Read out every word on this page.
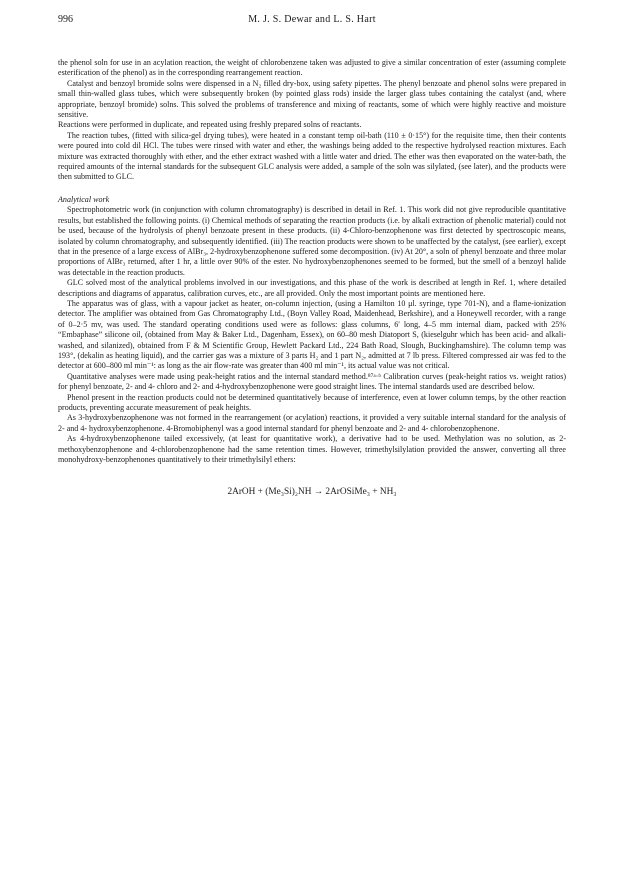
996	M. J. S. Dewar and L. S. Hart

the phenol soln for use in an acylation reaction, the weight of chlorobenzene taken was adjusted to give a similar concentration of ester (assuming complete esterification of the phenol) as in the corresponding rearrangement reaction.

Catalyst and benzoyl bromide solns were dispensed in a N₂ filled dry-box, using safety pipettes. The phenyl benzoate and phenol solns were prepared in small thin-walled glass tubes, which were subsequently broken (by pointed glass rods) inside the larger glass tubes containing the catalyst (and, where appropriate, benzoyl bromide) solns. This solved the problems of transference and mixing of reactants, some of which were highly reactive and moisture sensitive.

Reactions were performed in duplicate, and repeated using freshly prepared solns of reactants.

The reaction tubes, (fitted with silica-gel drying tubes), were heated in a constant temp oil-bath (110 ± 0·15°) for the requisite time, then their contents were poured into cold dil HCl. The tubes were rinsed with water and ether, the washings being added to the respective hydrolysed reaction mixtures. Each mixture was extracted thoroughly with ether, and the ether extract washed with a little water and dried. The ether was then evaporated on the water-bath, the required amounts of the internal standards for the subsequent GLC analysis were added, a sample of the soln was silylated, (see later), and the products were then submitted to GLC.

Analytical work

Spectrophotometric work (in conjunction with column chromatography) is described in detail in Ref. 1. This work did not give reproducible quantitative results, but established the following points. (i) Chemical methods of separating the reaction products (i.e. by alkali extraction of phenolic material) could not be used, because of the hydrolysis of phenyl benzoate present in these products. (ii) 4-Chloro-benzophenone was first detected by spectroscopic means, isolated by column chromatography, and subsequently identified. (iii) The reaction products were shown to be unaffected by the catalyst, (see earlier), except that in the presence of a large excess of AlBr₃, 2-hydroxybenzophenone suffered some decomposition. (iv) At 20°, a soln of phenyl benzoate and three molar proportions of AlBr₃ returned, after 1 hr, a little over 90% of the ester. No hydroxybenzophenones seemed to be formed, but the smell of a benzoyl halide was detectable in the reaction products.

GLC solved most of the analytical problems involved in our investigations, and this phase of the work is described at length in Ref. 1, where detailed descriptions and diagrams of apparatus, calibration curves, etc., are all provided. Only the most important points are mentioned here.

The apparatus was of glass, with a vapour jacket as heater, on-column injection, (using a Hamilton 10 μl. syringe, type 701-N), and a flame-ionization detector. The amplifier was obtained from Gas Chromatography Ltd., (Boyn Valley Road, Maidenhead, Berkshire), and a Honeywell recorder, with a range of 0–2·5 mv, was used. The standard operating conditions used were as follows: glass columns, 6′ long, 4–5 mm internal diam, packed with 25% “Embaphase” silicone oil, (obtained from May & Baker Ltd., Dagenham, Essex), on 60–80 mesh Diatoport S, (kieselguhr which has been acid- and alkali-washed, and silanized), obtained from F & M Scientific Group, Hewlett Packard Ltd., 224 Bath Road, Slough, Buckinghamshire). The column temp was 193°, (dekalin as heating liquid), and the carrier gas was a mixture of 3 parts H₂ and 1 part N₂, admitted at 7 lb press. Filtered compressed air was fed to the detector at 600–800 ml min⁻¹: as long as the air flow-rate was greater than 400 ml min⁻¹, its actual value was not critical.

Quantitative analyses were made using peak-height ratios and the internal standard method.⁸⁷ᵃ·ᵇ Calibration curves (peak-height ratios vs. weight ratios) for phenyl benzoate, 2- and 4- chloro and 2- and 4-hydroxybenzophenone were good straight lines. The internal standards used are described below.

Phenol present in the reaction products could not be determined quantitatively because of interference, even at lower column temps, by the other reaction products, preventing accurate measurement of peak heights.

As 3-hydroxybenzophenone was not formed in the rearrangement (or acylation) reactions, it provided a very suitable internal standard for the analysis of 2- and 4- hydroxybenzophenone. 4-Bromobiphenyl was a good internal standard for phenyl benzoate and 2- and 4- chlorobenzophenone.

As 4-hydroxybenzophenone tailed excessively, (at least for quantitative work), a derivative had to be used. Methylation was no solution, as 2-methoxybenzophenone and 4-chlorobenzophenone had the same retention times. However, trimethylsilylation provided the answer, converting all three monohydroxy-benzophenones quantitatively to their trimethylsilyl ethers:

2ArOH + (Me₃Si)₂NH → 2ArOSiMe₃ + NH₃
